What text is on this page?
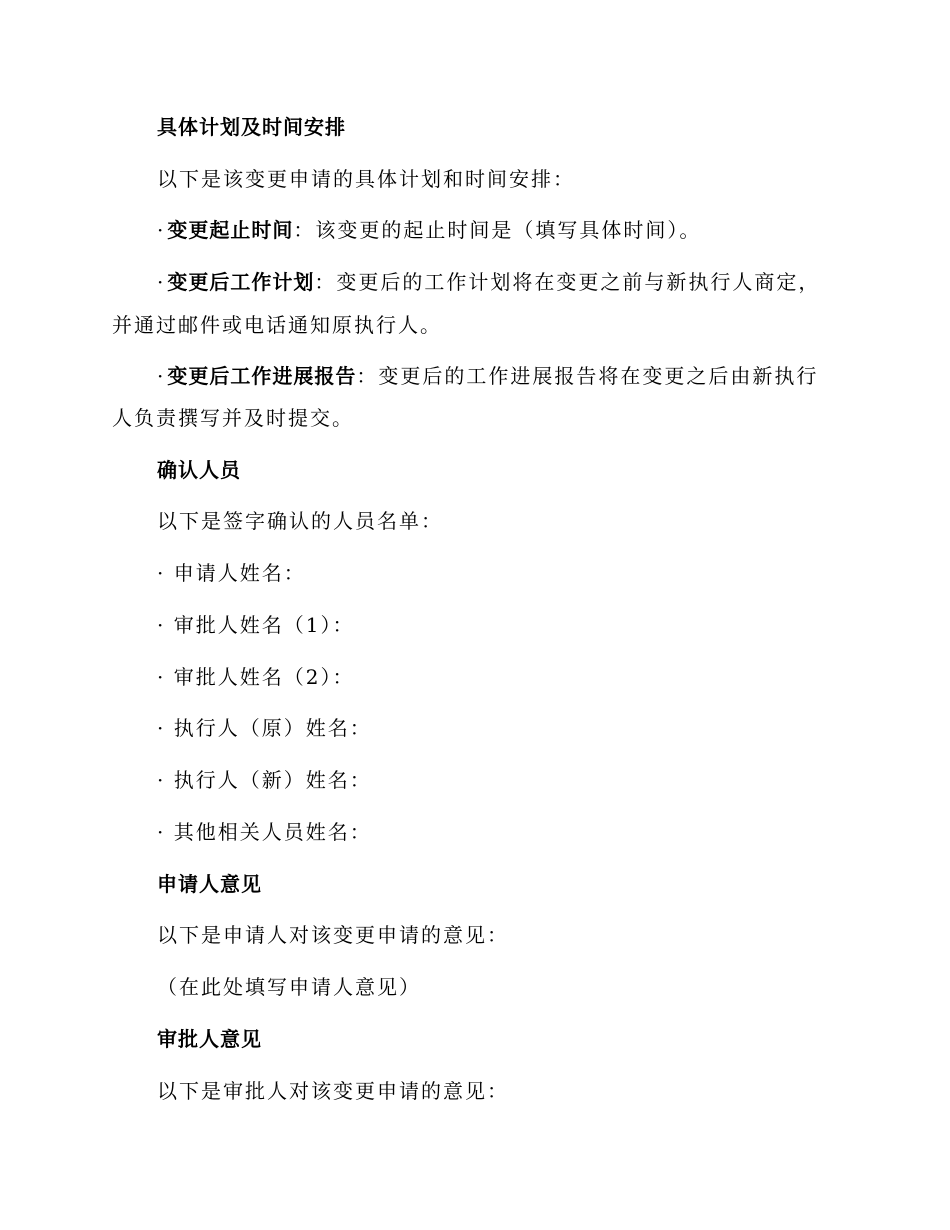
具体计划及时间安排
以下是该变更申请的具体计划和时间安排：
· 变更起止时间：该变更的起止时间是（填写具体时间）。
· 变更后工作计划：变更后的工作计划将在变更之前与新执行人商定，
并通过邮件或电话通知原执行人。
· 变更后工作进展报告：变更后的工作进展报告将在变更之后由新执行
人负责撰写并及时提交。
确认人员
以下是签字确认的人员名单：
· 申请人姓名：
· 审批人姓名（1）：
· 审批人姓名（2）：
· 执行人（原）姓名：
· 执行人（新）姓名：
· 其他相关人员姓名：
申请人意见
以下是申请人对该变更申请的意见：
（在此处填写申请人意见）
审批人意见
以下是审批人对该变更申请的意见：
